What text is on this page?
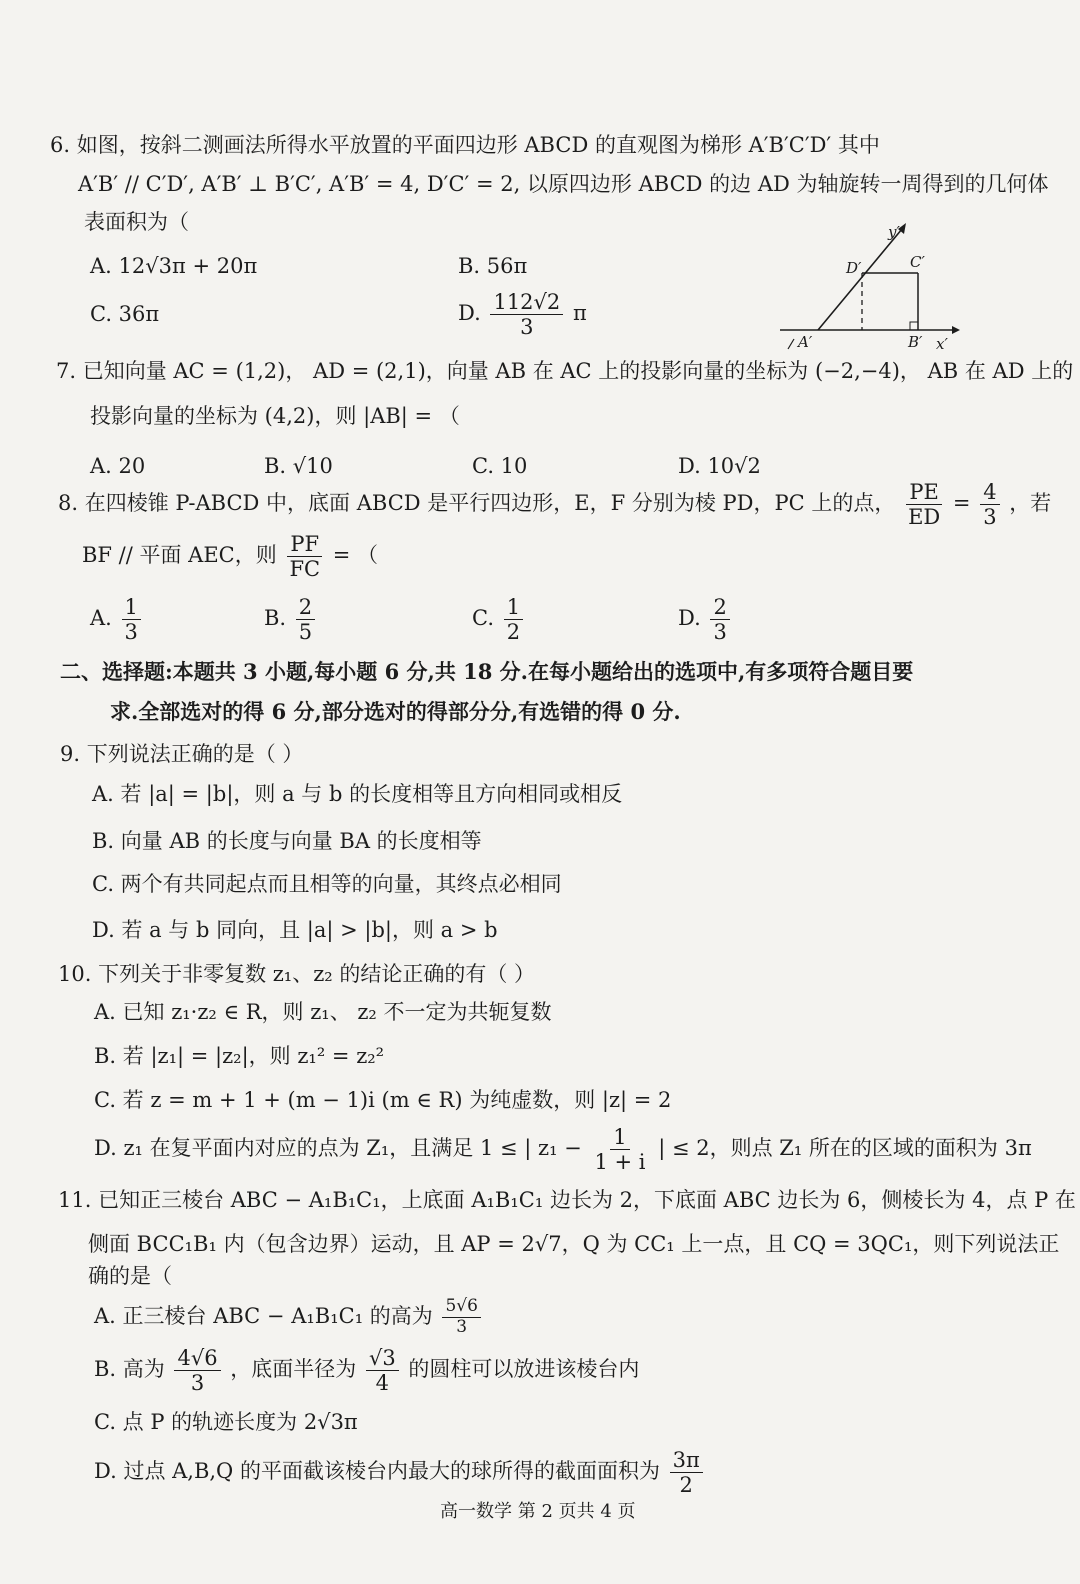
6. 如图，按斜二测画法所得水平放置的平面四边形 ABCD 的直观图为梯形 A′B′C′D′ 其中
A′B′ // C′D′, A′B′ ⊥ B′C′, A′B′ = 4, D′C′ = 2, 以原四边形 ABCD 的边 AD 为轴旋转一周得到的几何体
表面积为（
A. 12√3π + 20π	B. 56π
C. 36π	D. $\frac{112√2}{3}$ π
y′
D′	C′
A′	B′ x′
7. 已知向量 AC = (1,2)， AD = (2,1)，向量 AB 在 AC 上的投影向量的坐标为 (−2,−4)， AB 在 AD 上的
投影向量的坐标为 (4,2)，则 |AB| = （
A. 20	B. √10	C. 10	D. 10√2
8. 在四棱锥 P-ABCD 中，底面 ABCD 是平行四边形，E，F 分别为棱 PD，PC 上的点， $\frac{PE}{ED} = \frac{4}{3}$ ，若
BF // 平面 AEC，则 $\frac{PF}{FC}$ = （
A. $\frac{1}{3}$	B. $\frac{2}{5}$	C. $\frac{1}{2}$	D. $\frac{2}{3}$
二、选择题:本题共 3 小题,每小题 6 分,共 18 分.在每小题给出的选项中,有多项符合题目要
求.全部选对的得 6 分,部分选对的得部分分,有选错的得 0 分.
9. 下列说法正确的是（ ）
A. 若 |a| = |b|，则 a 与 b 的长度相等且方向相同或相反
B. 向量 AB 的长度与向量 BA 的长度相等
C. 两个有共同起点而且相等的向量，其终点必相同
D. 若 a 与 b 同向，且 |a| > |b|，则 a > b
10. 下列关于非零复数 z₁、z₂ 的结论正确的有（ ）
A. 已知 z₁·z₂ ∈ R，则 z₁、 z₂ 不一定为共轭复数
B. 若 |z₁| = |z₂|，则 z₁² = z₂²
C. 若 z = m + 1 + (m − 1)i (m ∈ R) 为纯虚数，则 |z| = 2
D. z₁ 在复平面内对应的点为 Z₁，且满足 1 ≤ | $z_1 - \frac{1}{1 + i}$ | ≤ 2，则点 Z₁ 所在的区域的面积为 3π
11. 已知正三棱台 ABC − A₁B₁C₁，上底面 A₁B₁C₁ 边长为 2，下底面 ABC 边长为 6，侧棱长为 4，点 P 在
侧面 BCC₁B₁ 内（包含边界）运动，且 AP = 2√7，Q 为 CC₁ 上一点，且 CQ = 3QC₁，则下列说法正
确的是（
A. 正三棱台 ABC − A₁B₁C₁ 的高为 $\frac{5√6}{3}$
B. 高为 $\frac{4√6}{3}$ ，底面半径为 $\frac{√3}{4}$ 的圆柱可以放进该棱台内
C. 点 P 的轨迹长度为 2√3π
D. 过点 A,B,Q 的平面截该棱台内最大的球所得的截面面积为 $\frac{3\pi}{2}$
高一数学 第 2 页共 4 页
